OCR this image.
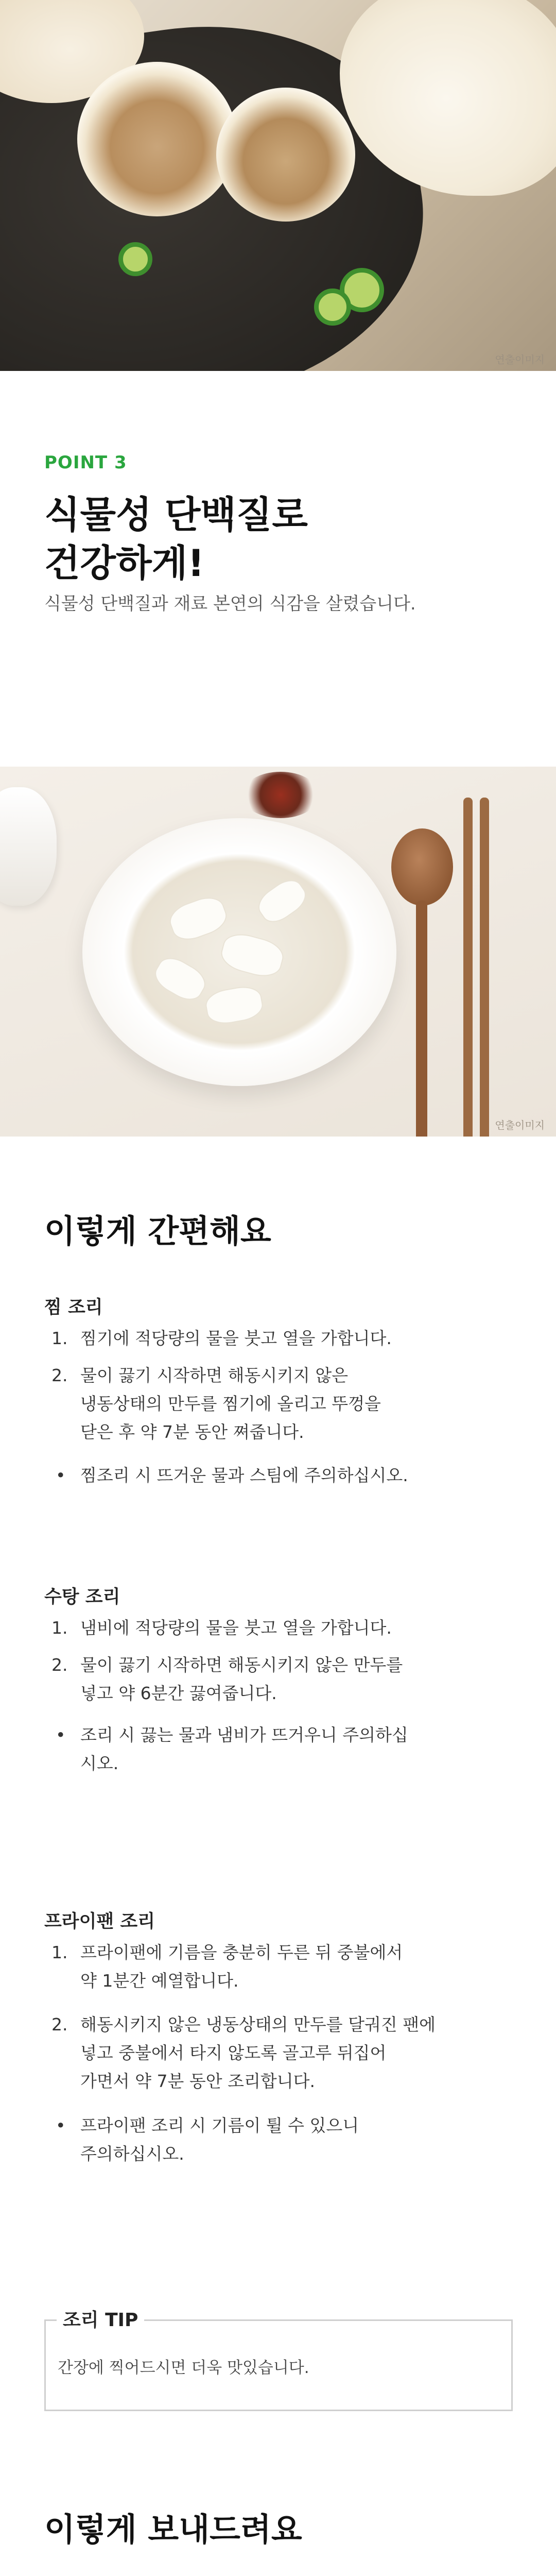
연출이미지
POINT 3
식물성 단백질로
건강하게!
식물성 단백질과 재료 본연의 식감을 살렸습니다.
연출이미지
이렇게 간편해요
찜 조리
1. 찜기에 적당량의 물을 붓고 열을 가합니다.
2. 물이 끓기 시작하면 해동시키지 않은
냉동상태의 만두를 찜기에 올리고 뚜껑을
닫은 후 약 7분 동안 쪄줍니다.
• 찜조리 시 뜨거운 물과 스팀에 주의하십시오.
수탕 조리
1. 냄비에 적당량의 물을 붓고 열을 가합니다.
2. 물이 끓기 시작하면 해동시키지 않은 만두를
넣고 약 6분간 끓여줍니다.
• 조리 시 끓는 물과 냄비가 뜨거우니 주의하십
시오.
프라이팬 조리
1. 프라이팬에 기름을 충분히 두른 뒤 중불에서
약 1분간 예열합니다.
2. 해동시키지 않은 냉동상태의 만두를 달궈진 팬에
넣고 중불에서 타지 않도록 골고루 뒤집어
가면서 약 7분 동안 조리합니다.
• 프라이팬 조리 시 기름이 튈 수 있으니
주의하십시오.
조리 TIP
간장에 찍어드시면 더욱 맛있습니다.
이렇게 보내드려요
